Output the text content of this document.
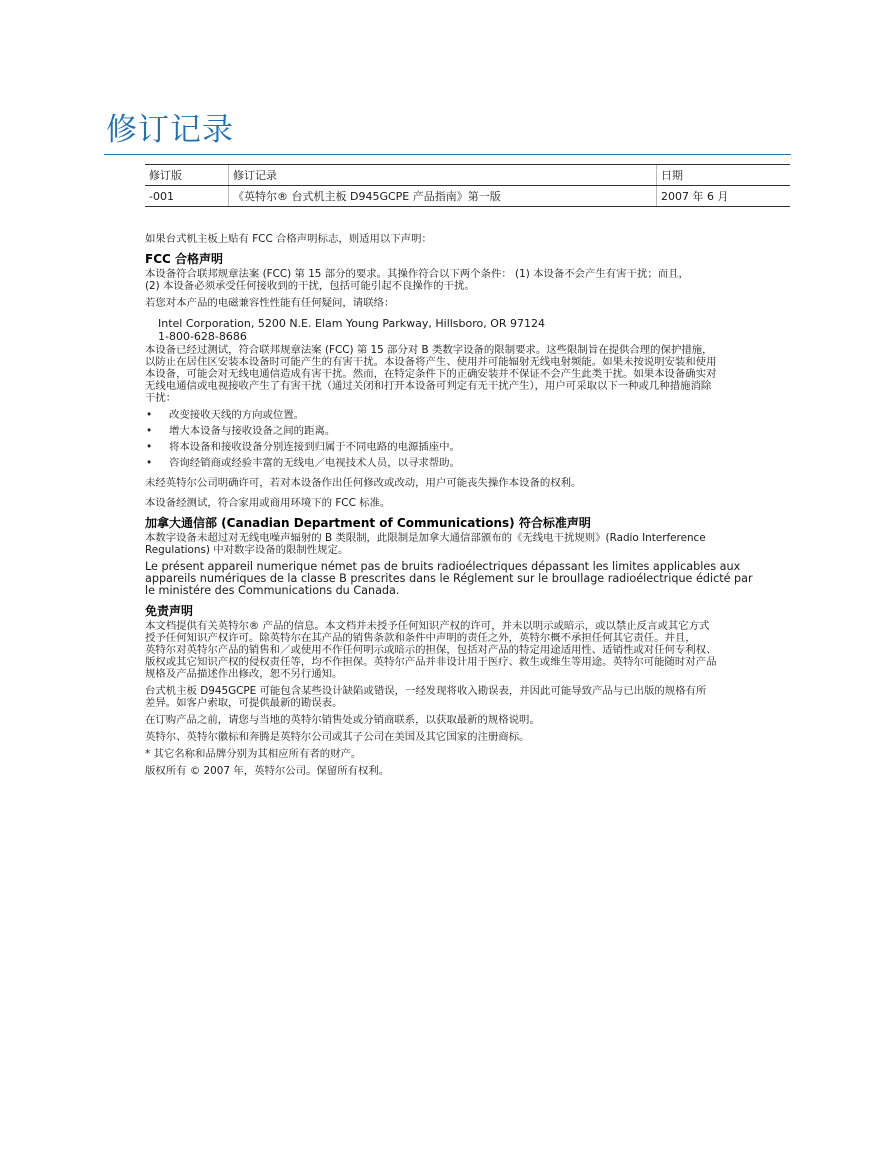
修订记录
修订版	修订记录	日期
-001	《英特尔® 台式机主板 D945GCPE 产品指南》第一版	2007 年 6 月

如果台式机主板上贴有 FCC 合格声明标志，则适用以下声明：

FCC 合格声明

本设备符合联邦规章法案 (FCC) 第 15 部分的要求。其操作符合以下两个条件： (1) 本设备不会产生有害干扰；而且，
(2) 本设备必须承受任何接收到的干扰，包括可能引起不良操作的干扰。

若您对本产品的电磁兼容性性能有任何疑问，请联络：

Intel Corporation, 5200 N.E. Elam Young Parkway, Hillsboro, OR 97124
1-800-628-8686

本设备已经过测试，符合联邦规章法案 (FCC) 第 15 部分对 B 类数字设备的限制要求。这些限制旨在提供合理的保护措施，
以防止在居住区安装本设备时可能产生的有害干扰。本设备将产生、使用并可能辐射无线电射频能。如果未按说明安装和使用
本设备，可能会对无线电通信造成有害干扰。然而，在特定条件下的正确安装并不保证不会产生此类干扰。如果本设备确实对
无线电通信或电视接收产生了有害干扰（通过关闭和打开本设备可判定有无干扰产生），用户可采取以下一种或几种措施消除
干扰：

• 改变接收天线的方向或位置。
• 增大本设备与接收设备之间的距离。
• 将本设备和接收设备分别连接到归属于不同电路的电源插座中。
• 咨询经销商或经验丰富的无线电／电视技术人员，以寻求帮助。

未经英特尔公司明确许可，若对本设备作出任何修改或改动，用户可能丧失操作本设备的权利。

本设备经测试，符合家用或商用环境下的 FCC 标准。

加拿大通信部 (Canadian Department of Communications) 符合标准声明

本数字设备未超过对无线电噪声辐射的 B 类限制，此限制是加拿大通信部颁布的《无线电干扰规则》(Radio Interference
Regulations) 中对数字设备的限制性规定。

Le présent appareil numerique német pas de bruits radioélectriques dépassant les limites applicables aux
appareils numériques de la classe B prescrites dans le Réglement sur le broullage radioélectrique édicté par
le ministére des Communications du Canada.

免责声明

本文档提供有关英特尔® 产品的信息。本文档并未授予任何知识产权的许可，并未以明示或暗示，或以禁止反言或其它方式
授予任何知识产权许可。除英特尔在其产品的销售条款和条件中声明的责任之外，英特尔概不承担任何其它责任。并且，
英特尔对英特尔产品的销售和／或使用不作任何明示或暗示的担保，包括对产品的特定用途适用性、适销性或对任何专利权、
版权或其它知识产权的侵权责任等，均不作担保。英特尔产品并非设计用于医疗、救生或维生等用途。英特尔可能随时对产品
规格及产品描述作出修改，恕不另行通知。

台式机主板 D945GCPE 可能包含某些设计缺陷或错误，一经发现将收入勘误表，并因此可能导致产品与已出版的规格有所
差异。如客户索取，可提供最新的勘误表。

在订购产品之前，请您与当地的英特尔销售处或分销商联系，以获取最新的规格说明。

英特尔、英特尔徽标和奔腾是英特尔公司或其子公司在美国及其它国家的注册商标。

* 其它名称和品牌分别为其相应所有者的财产。

版权所有 © 2007 年，英特尔公司。保留所有权利。
